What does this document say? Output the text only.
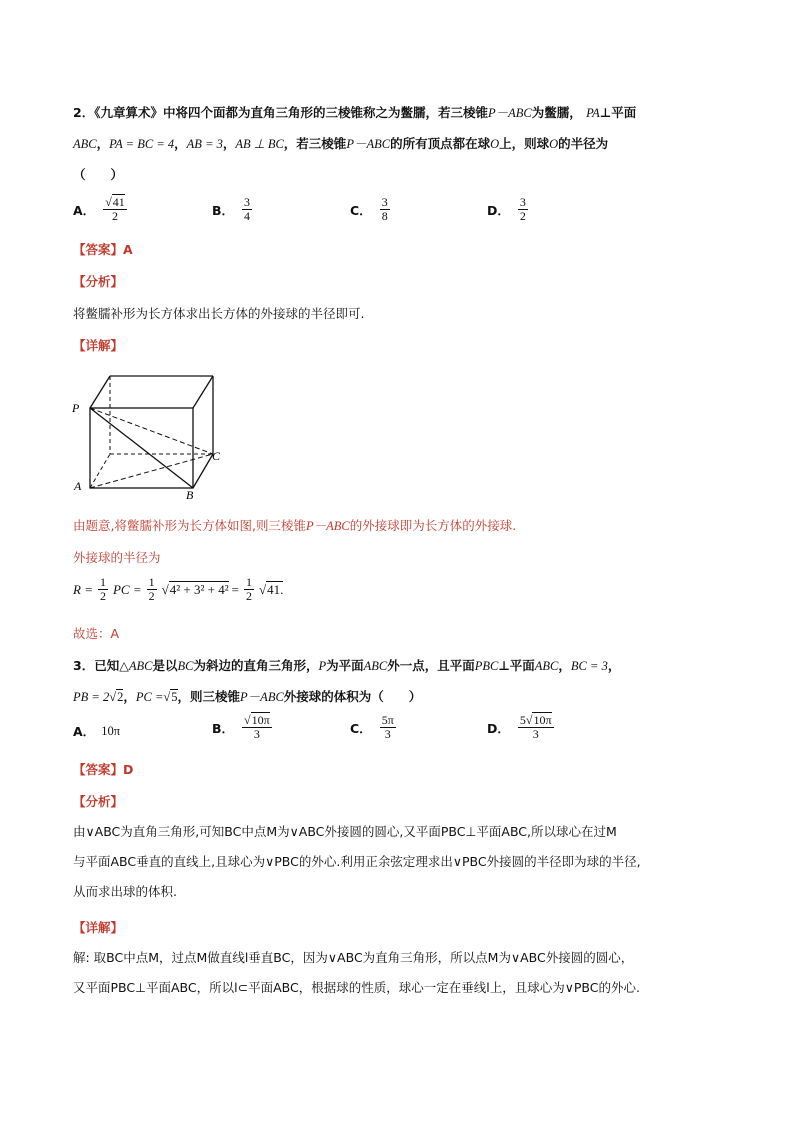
2．《九章算术》中将四个面都为直角三角形的三棱锥称之为鳖臑，若三棱锥P－ABC为鳖臑， PA⊥平面
ABC，PA = BC = 4，AB = 3，AB ⊥ BC，若三棱锥P－ABC的所有顶点都在球O上，则球O的半径为
（　　）
A． $\frac{√41}{2}$	B． $\frac{3}{4}$	C． $\frac{3}{8}$	D． $\frac{3}{2}$
【答案】A
【分析】
将鳖臑补形为长方体求出长方体的外接球的半径即可.
【详解】
P
A
B
C
由题意,将鳖臑补形为长方体如图,则三棱锥P－ABC的外接球即为长方体的外接球.
外接球的半径为
$R = \frac{1}{2}$ PC = $\frac{1}{2} √4^2 + 3^2 + 4^2 = \frac{1}{2} √41$.
故选：A
3．已知△ABC是以BC为斜边的直角三角形，P为平面ABC外一点，且平面PBC⊥平面ABC，BC = 3，
PB = 2√2，PC =√5，则三棱锥P－ABC外接球的体积为（　　）
A． 10π	B． $\frac{√10\pi}{3}$	C． $\frac{5\pi}{3}$	D． $\frac{5√10\pi}{3}$
【答案】D
【分析】
由∨ABC为直角三角形,可知BC中点M为∨ABC外接圆的圆心,又平面PBC⊥平面ABC,所以球心在过M
与平面ABC垂直的直线上,且球心为∨PBC的外心.利用正余弦定理求出∨PBC外接圆的半径即为球的半径,
从而求出球的体积.
【详解】
解: 取BC中点M，过点M做直线l垂直BC，因为∨ABC为直角三角形，所以点M为∨ABC外接圆的圆心，
又平面PBC⊥平面ABC，所以l⊂平面ABC，根据球的性质，球心一定在垂线l上，且球心为∨PBC的外心.
